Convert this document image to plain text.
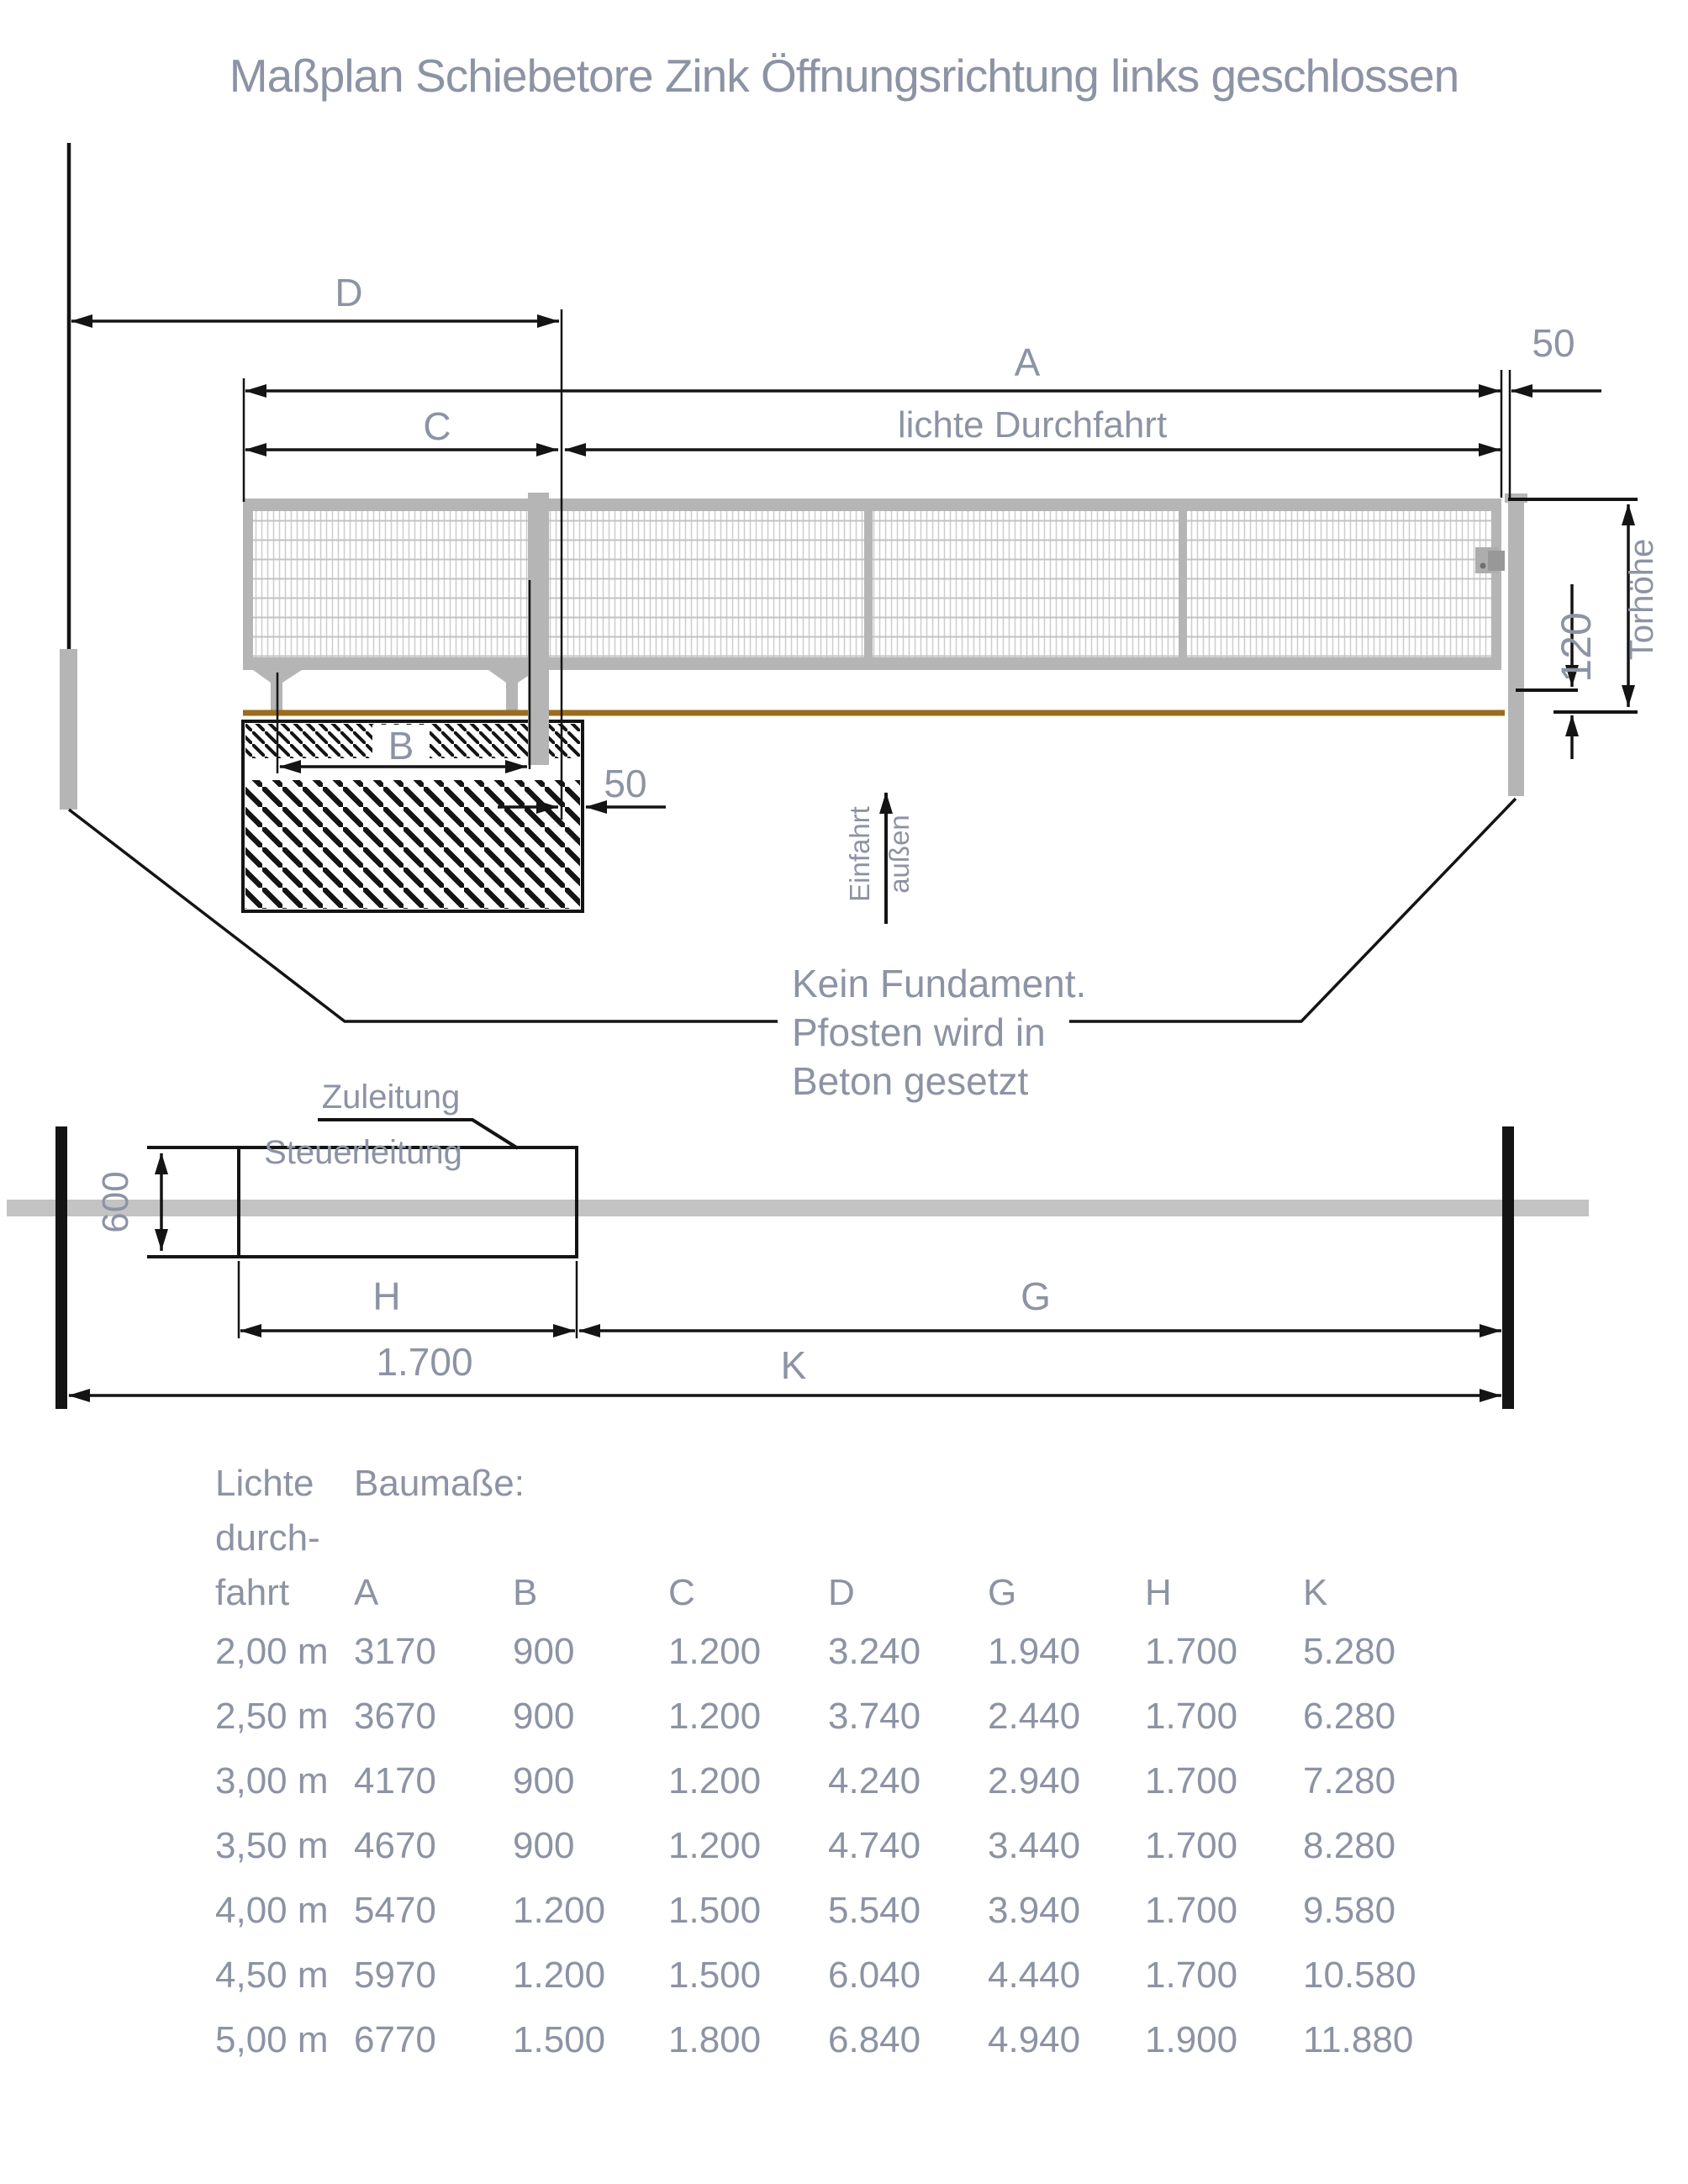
Maßplan Schiebetore Zink Öffnungsrichtung links geschlossen
D
A	50
C	lichte Durchfahrt
B
50
Torhöhe
120
Einfahrt außen
Kein Fundament.
Pfosten wird in
Beton gesetzt
600
Zuleitung
Steuerleitung
H
1.700
G
K
Lichte
durch-
fahrt
Baumaße:
A	B	C	D	G	H	K
2,00 m 3170 900	1.200 3.240 1.940 1.700 5.280
2,50 m 3670 900	1.200 3.740 2.440 1.700 6.280
3,00 m 4170 900	1.200 4.240 2.940 1.700 7.280
3,50 m 4670 900	1.200 4.740 3.440 1.700 8.280
4,00 m 5470 1.200 1.500 5.540 3.940 1.700 9.580
4,50 m 5970 1.200 1.500 6.040 4.440 1.700 10.580
5,00 m 6770 1.500 1.800 6.840 4.940 1.900 11.880
